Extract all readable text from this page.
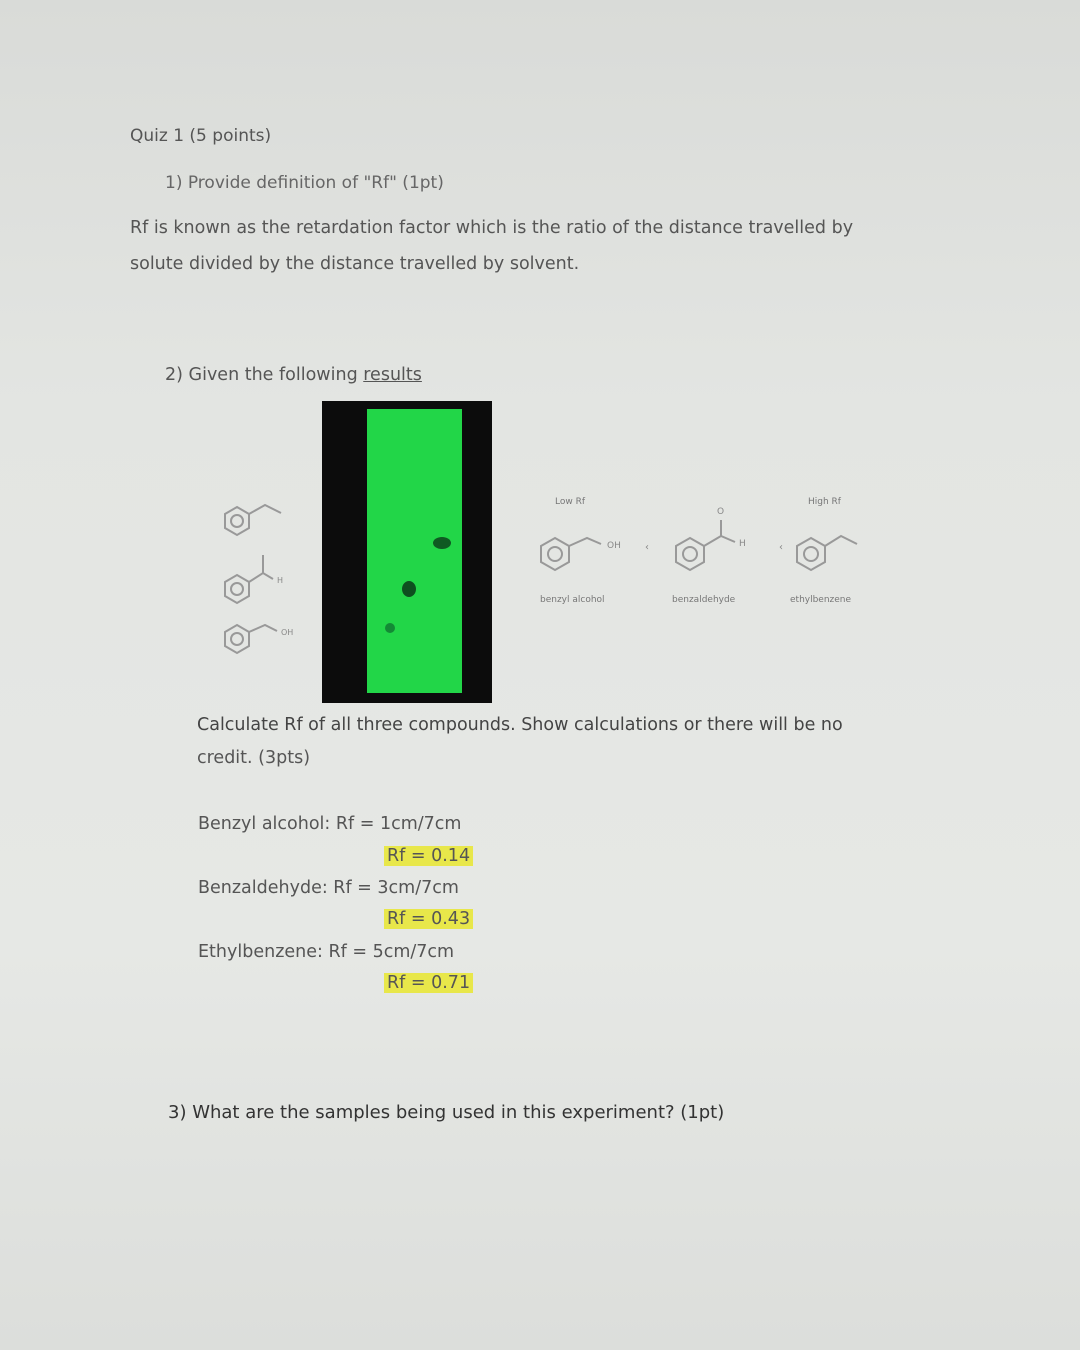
Quiz 1 (5 points)
1) Provide definition of "Rf" (1pt)
Rf is known as the retardation factor which is the ratio of the distance travelled by
solute divided by the distance travelled by solvent.
2) Given the following results
H
OH
Low Rf	High Rf
OH ‹
O
H	‹
benzyl alcohol	benzaldehyde	ethylbenzene
Calculate Rf of all three compounds. Show calculations or there will be no
credit. (3pts)
Benzyl alcohol: Rf = 1cm/7cm
Rf = 0.14
Benzaldehyde: Rf = 3cm/7cm
Rf = 0.43
Ethylbenzene: Rf = 5cm/7cm
Rf = 0.71
3) What are the samples being used in this experiment? (1pt)
